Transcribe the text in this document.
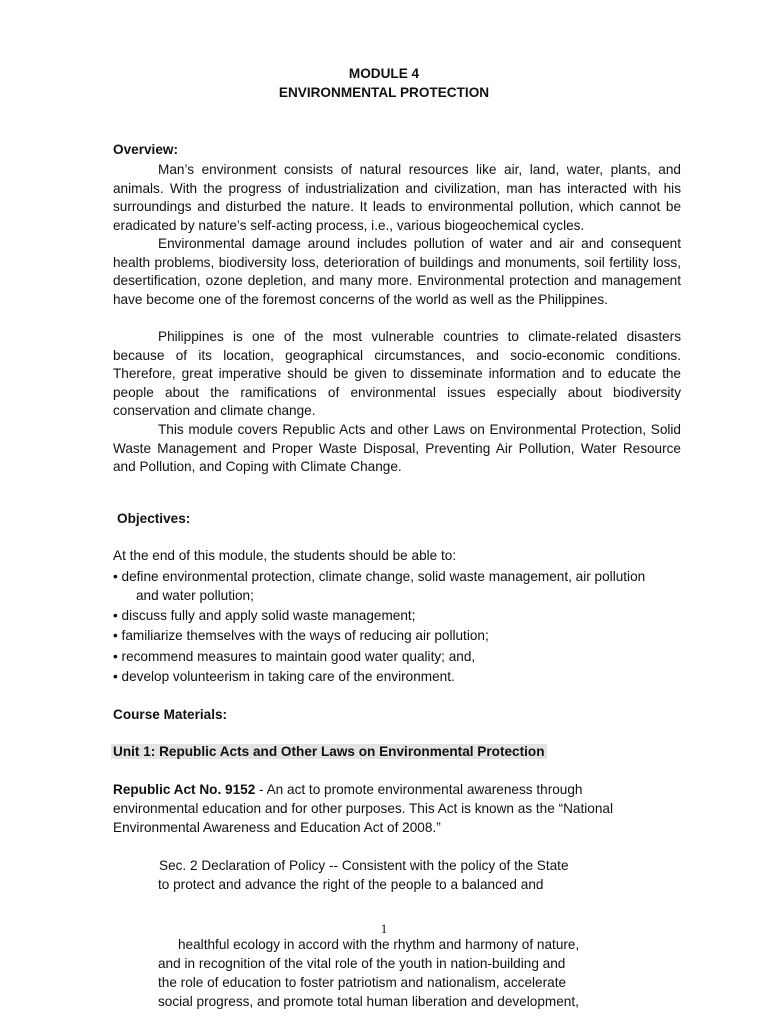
MODULE 4
ENVIRONMENTAL PROTECTION
Overview:

Man’s environment consists of natural resources like air, land, water, plants, and animals. With the progress of industrialization and civilization, man has interacted with his surroundings and disturbed the nature. It leads to environmental pollution, which cannot be eradicated by nature’s self-acting process, i.e., various biogeochemical cycles.

Environmental damage around includes pollution of water and air and consequent health problems, biodiversity loss, deterioration of buildings and monuments, soil fertility loss, desertification, ozone depletion, and many more. Environmental protection and management have become one of the foremost concerns of the world as well as the Philippines.

Philippines is one of the most vulnerable countries to climate-related disasters because of its location, geographical circumstances, and socio-economic conditions. Therefore, great imperative should be given to disseminate information and to educate the people about the ramifications of environmental issues especially about biodiversity conservation and climate change.

This module covers Republic Acts and other Laws on Environmental Protection, Solid Waste Management and Proper Waste Disposal, Preventing Air Pollution, Water Resource and Pollution, and Coping with Climate Change.

Objectives:
At the end of this module, the students should be able to:
• define environmental protection, climate change, solid waste management, air pollution
and water pollution;
• discuss fully and apply solid waste management;
• familiarize themselves with the ways of reducing air pollution;
• recommend measures to maintain good water quality; and,
• develop volunteerism in taking care of the environment.
Course Materials:
Unit 1: Republic Acts and Other Laws on Environmental Protection
Republic Act No. 9152 - An act to promote environmental awareness through
environmental education and for other purposes. This Act is known as the “National
Environmental Awareness and Education Act of 2008.”
Sec. 2 Declaration of Policy -- Consistent with the policy of the State
to protect and advance the right of the people to a balanced and
1
healthful ecology in accord with the rhythm and harmony of nature,
and in recognition of the vital role of the youth in nation-building and
the role of education to foster patriotism and nationalism, accelerate
social progress, and promote total human liberation and development,
